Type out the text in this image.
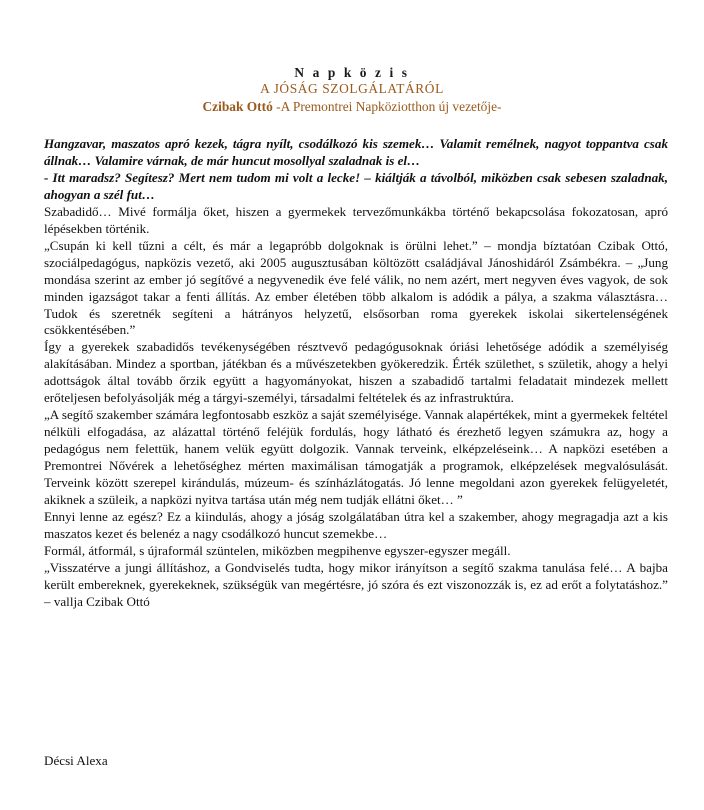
N a p k ö z i s
A JÓSÁG SZOLGÁLATÁRÓL
Czibak Ottó -A Premontrei Napköziotthon új vezetője-

Hangzavar, maszatos apró kezek, tágra nyílt, csodálkozó kis szemek… Valamit remélnek, nagyot toppantva csak állnak… Valamire várnak, de már huncut mosollyal szaladnak is el…

- Itt maradsz? Segítesz? Mert nem tudom mi volt a lecke! – kiáltják a távolból, miközben csak sebesen szaladnak, ahogyan a szél fut…

Szabadidő… Mivé formálja őket, hiszen a gyermekek tervezőmunkákba történő bekapcsolása fokozatosan, apró lépésekben történik.

„Csupán ki kell tűzni a célt, és már a legapróbb dolgoknak is örülni lehet.” – mondja bíztatóan Czibak Ottó, szociálpedagógus, napközis vezető, aki 2005 augusztusában költözött családjával Jánoshidáról Zsámbékra. – „Jung mondása szerint az ember jó segítővé a negyvenedik éve felé válik, no nem azért, mert negyven éves vagyok, de sok minden igazságot takar a fenti állítás. Az ember életében több alkalom is adódik a pálya, a szakma választásra… Tudok és szeretnék segíteni a hátrányos helyzetű, elsősorban roma gyerekek iskolai sikertelenségének csökkentésében.”

Így a gyerekek szabadidős tevékenységében résztvevő pedagógusoknak óriási lehetősége adódik a személyiség alakításában. Mindez a sportban, játékban és a művészetekben gyökeredzik. Érték születhet, s születik, ahogy a helyi adottságok által tovább őrzik együtt a hagyományokat, hiszen a szabadidő tartalmi feladatait mindezek mellett erőteljesen befolyásolják még a tárgyi-személyi, társadalmi feltételek és az infrastruktúra.

„A segítő szakember számára legfontosabb eszköz a saját személyisége. Vannak alapértékek, mint a gyermekek feltétel nélküli elfogadása, az alázattal történő feléjük fordulás, hogy látható és érezhető legyen számukra az, hogy a pedagógus nem felettük, hanem velük együtt dolgozik. Vannak terveink, elképzeléseink… A napközi esetében a Premontrei Nővérek a lehetőséghez mérten maximálisan támogatják a programok, elképzelések megvalósulását. Terveink között szerepel kirándulás, múzeum- és színházlátogatás. Jó lenne megoldani azon gyerekek felügyeletét, akiknek a szüleik, a napközi nyitva tartása után még nem tudják ellátni őket… ”

Ennyi lenne az egész? Ez a kiindulás, ahogy a jóság szolgálatában útra kel a szakember, ahogy megragadja azt a kis maszatos kezet és belenéz a nagy csodálkozó huncut szemekbe…

Formál, átformál, s újraformál szüntelen, miközben megpihenve egyszer-egyszer megáll.

„Visszatérve a jungi állításhoz, a Gondviselés tudta, hogy mikor irányítson a segítő szakma tanulása felé… A bajba került embereknek, gyerekeknek, szükségük van megértésre, jó szóra és ezt viszonozzák is, ez ad erőt a folytatáshoz.” – vallja Czibak Ottó

Décsi Alexa
